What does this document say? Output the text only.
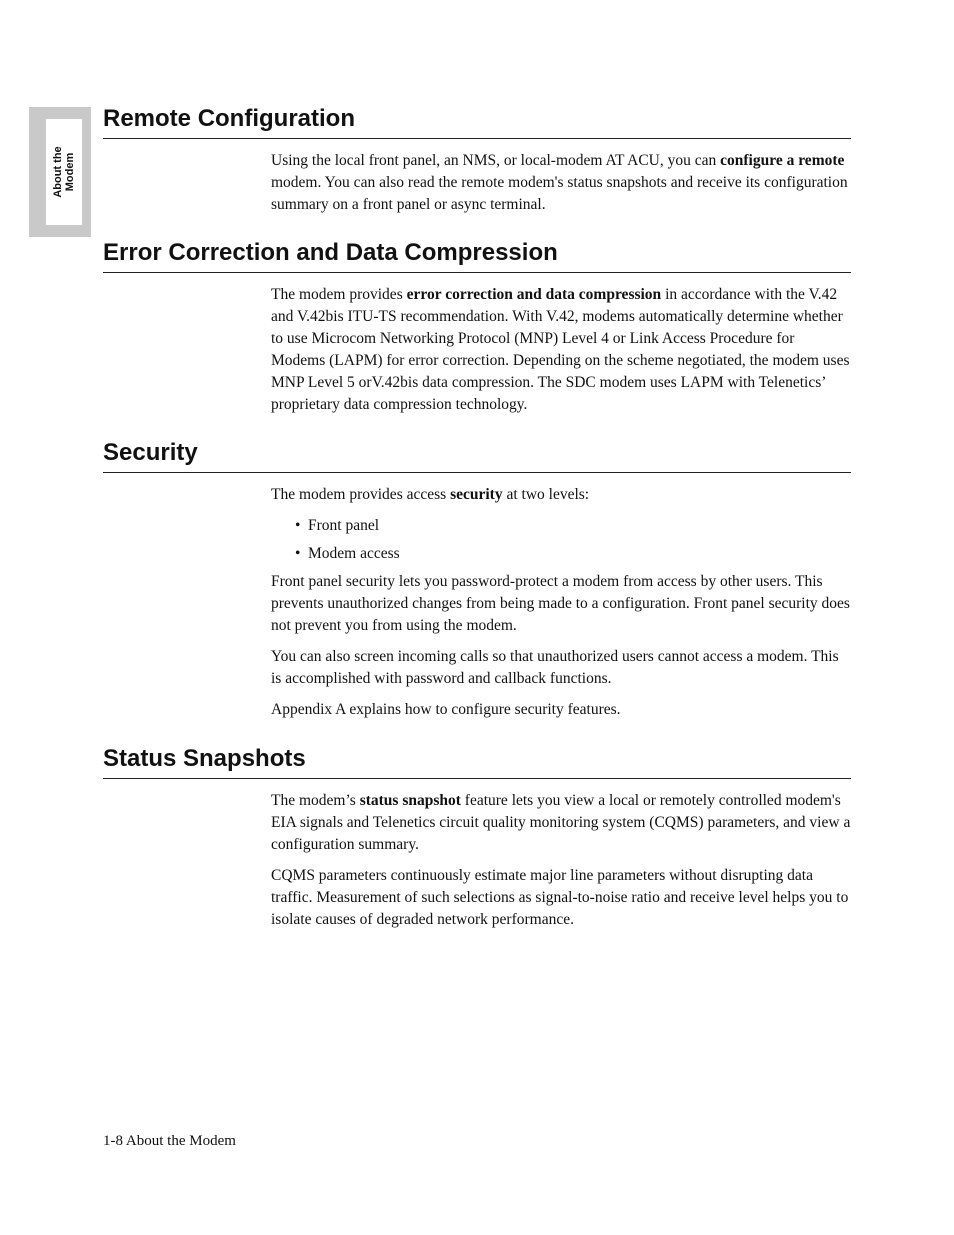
About the Modem
Remote Configuration

Using the local front panel, an NMS, or local-modem AT ACU, you can configure a remote modem. You can also read the remote modem's status snapshots and receive its configuration summary on a front panel or async terminal.

Error Correction and Data Compression

The modem provides error correction and data compression in accordance with the V.42 and V.42bis ITU-TS recommendation. With V.42, modems automatically determine whether to use Microcom Networking Protocol (MNP) Level 4 or Link Access Procedure for Modems (LAPM) for error correction. Depending on the scheme negotiated, the modem uses MNP Level 5 orV.42bis data compression. The SDC modem uses LAPM with Telenetics’ proprietary data compression technology.

Security

The modem provides access security at two levels:

• Front panel
• Modem access

Front panel security lets you password-protect a modem from access by other users. This prevents unauthorized changes from being made to a configuration. Front panel security does not prevent you from using the modem.

You can also screen incoming calls so that unauthorized users cannot access a modem. This is accomplished with password and callback functions.

Appendix A explains how to configure security features.

Status Snapshots

The modem’s status snapshot feature lets you view a local or remotely controlled modem's EIA signals and Telenetics circuit quality monitoring system (CQMS) parameters, and view a configuration summary.

CQMS parameters continuously estimate major line parameters without disrupting data traffic. Measurement of such selections as signal-to-noise ratio and receive level helps you to isolate causes of degraded network performance.

1-8 About the Modem
